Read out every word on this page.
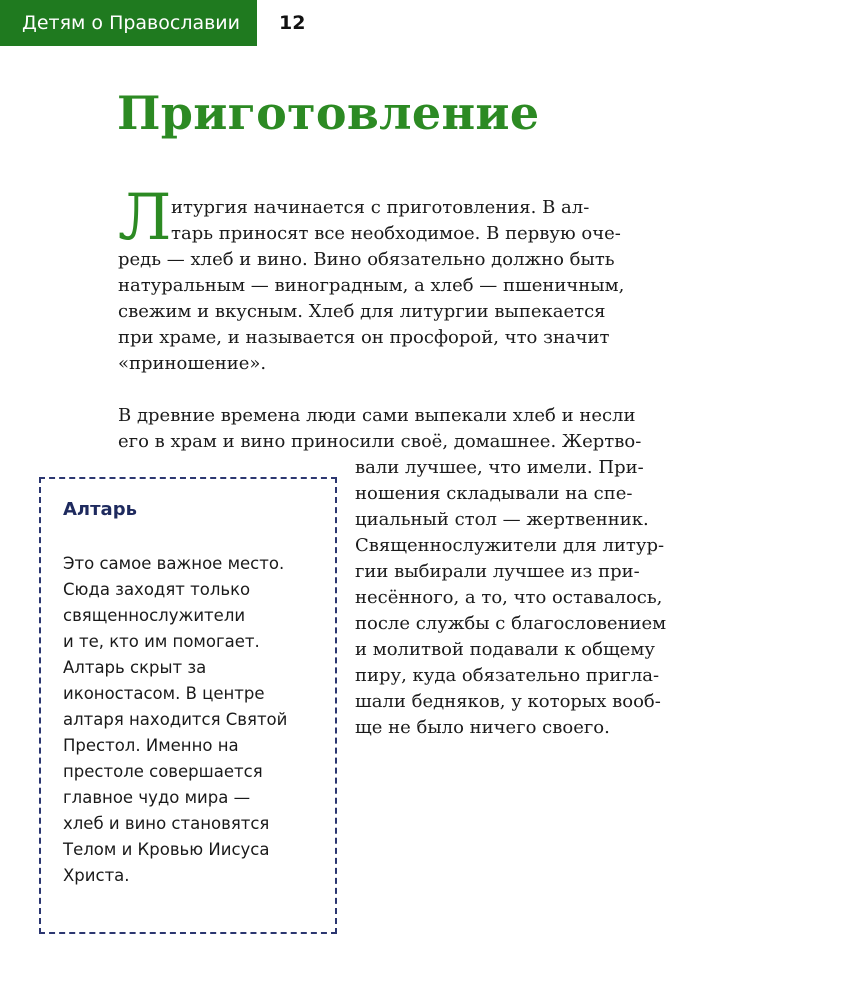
Детям о Православии	12
Приготовление
Л итургия начинается с приготовления. В ал-
тарь приносят все необходимое. В первую оче-
редь — хлеб и вино. Вино обязательно должно быть
натуральным — виноградным, а хлеб — пшеничным,
свежим и вкусным. Хлеб для литургии выпекается
при храме, и называется он просфорой, что значит
«приношение».
В древние времена люди сами выпекали хлеб и несли
его в храм и вино приносили своё, домашнее. Жертво-
вали лучшее, что имели. При-
ношения складывали на спе-
циальный стол — жертвенник.
Священнослужители для литур-
гии выбирали лучшее из при-
несённого, а то, что оставалось,
после службы с благословением
и молитвой подавали к общему
пиру, куда обязательно пригла-
шали бедняков, у которых вооб-
ще не было ничего своего.
Алтарь
Это самое важное место.
Сюда заходят только
священнослужители
и те, кто им помогает.
Алтарь скрыт за
иконостасом. В центре
алтаря находится Святой
Престол. Именно на
престоле совершается
главное чудо мира —
хлеб и вино становятся
Телом и Кровью Иисуса
Христа.
